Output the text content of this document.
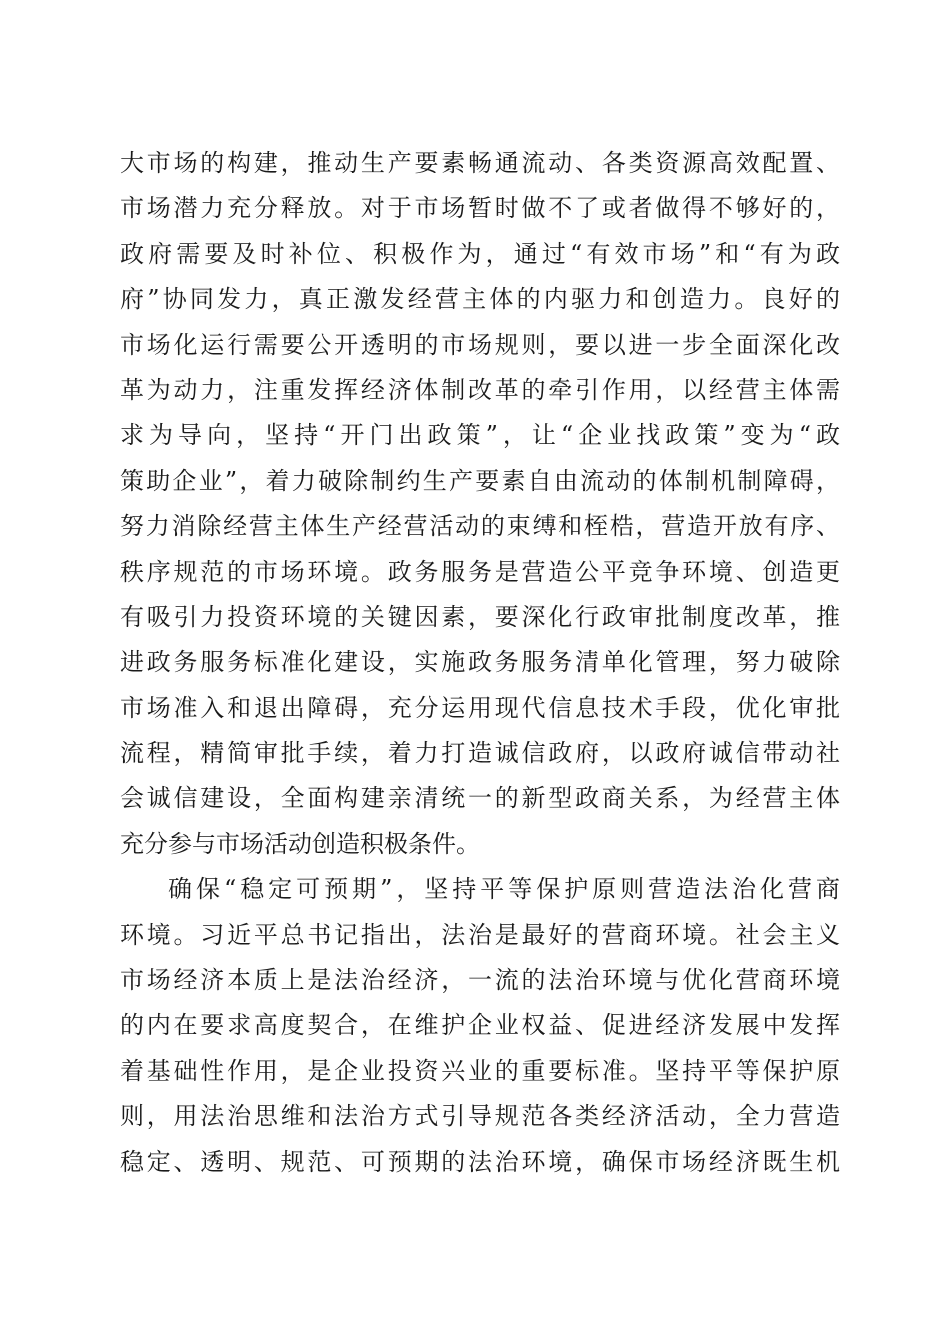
大市场的构建，推动生产要素畅通流动、各类资源高效配置、
市场潜力充分释放。对于市场暂时做不了或者做得不够好的，
政府需要及时补位、积极作为，通过“有效市场”和“有为政
府”协同发力，真正激发经营主体的内驱力和创造力。良好的
市场化运行需要公开透明的市场规则，要以进一步全面深化改
革为动力，注重发挥经济体制改革的牵引作用，以经营主体需
求为导向，坚持“开门出政策”，让“企业找政策”变为“政
策助企业”，着力破除制约生产要素自由流动的体制机制障碍，
努力消除经营主体生产经营活动的束缚和桎梏，营造开放有序、
秩序规范的市场环境。政务服务是营造公平竞争环境、创造更
有吸引力投资环境的关键因素，要深化行政审批制度改革，推
进政务服务标准化建设，实施政务服务清单化管理，努力破除
市场准入和退出障碍，充分运用现代信息技术手段，优化审批
流程，精简审批手续，着力打造诚信政府，以政府诚信带动社
会诚信建设，全面构建亲清统一的新型政商关系，为经营主体
充分参与市场活动创造积极条件。
确保“稳定可预期”，坚持平等保护原则营造法治化营商
环境。习近平总书记指出，法治是最好的营商环境。社会主义
市场经济本质上是法治经济，一流的法治环境与优化营商环境
的内在要求高度契合，在维护企业权益、促进经济发展中发挥
着基础性作用，是企业投资兴业的重要标准。坚持平等保护原
则，用法治思维和法治方式引导规范各类经济活动，全力营造
稳定、透明、规范、可预期的法治环境，确保市场经济既生机
